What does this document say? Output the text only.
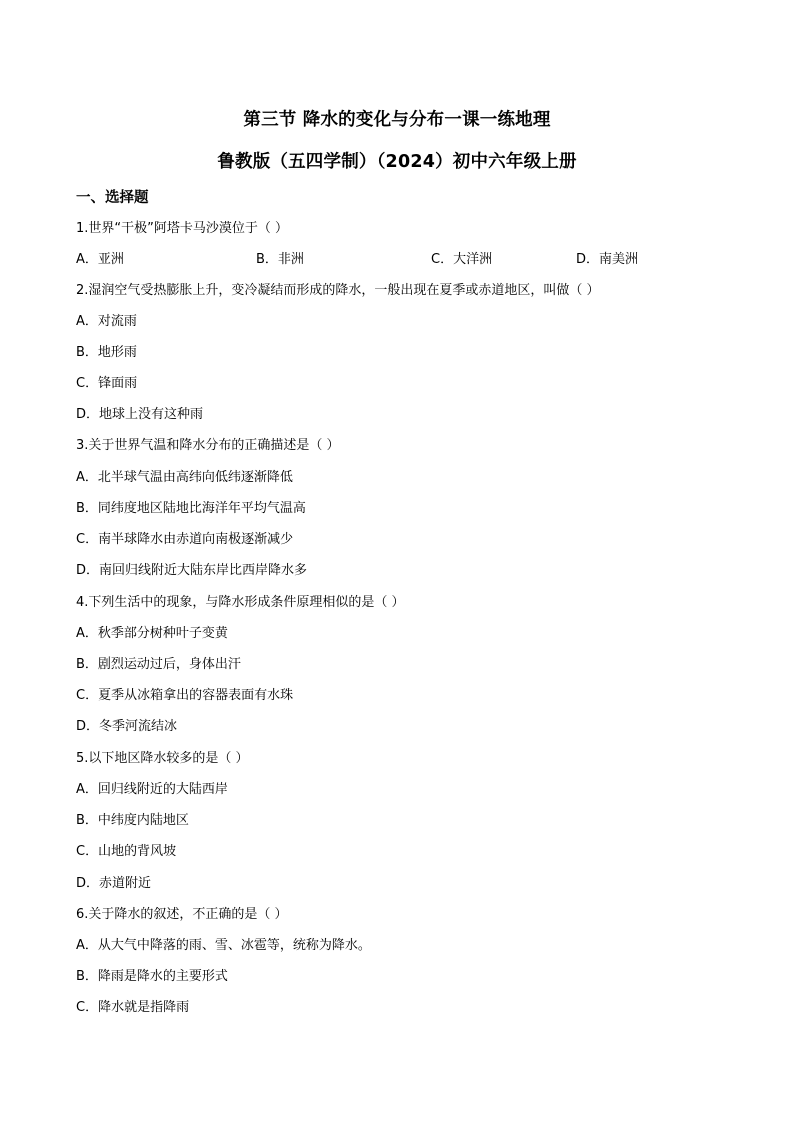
第三节 降水的变化与分布一课一练地理
鲁教版（五四学制）（2024）初中六年级上册
一、选择题
1.世界“干极”阿塔卡马沙漠位于（ ）
A．亚洲	B．非洲	C．大洋洲	D．南美洲
2.湿润空气受热膨胀上升，变冷凝结而形成的降水，一般出现在夏季或赤道地区，叫做（ ）
A．对流雨
B．地形雨
C．锋面雨
D．地球上没有这种雨
3.关于世界气温和降水分布的正确描述是（ ）
A．北半球气温由高纬向低纬逐渐降低
B．同纬度地区陆地比海洋年平均气温高
C．南半球降水由赤道向南极逐渐减少
D．南回归线附近大陆东岸比西岸降水多
4.下列生活中的现象，与降水形成条件原理相似的是（ ）
A．秋季部分树种叶子变黄
B．剧烈运动过后，身体出汗
C．夏季从冰箱拿出的容器表面有水珠
D．冬季河流结冰
5.以下地区降水较多的是（ ）
A．回归线附近的大陆西岸
B．中纬度内陆地区
C．山地的背风坡
D．赤道附近
6.关于降水的叙述，不正确的是（ ）
A．从大气中降落的雨、雪、冰雹等，统称为降水。
B．降雨是降水的主要形式
C．降水就是指降雨
